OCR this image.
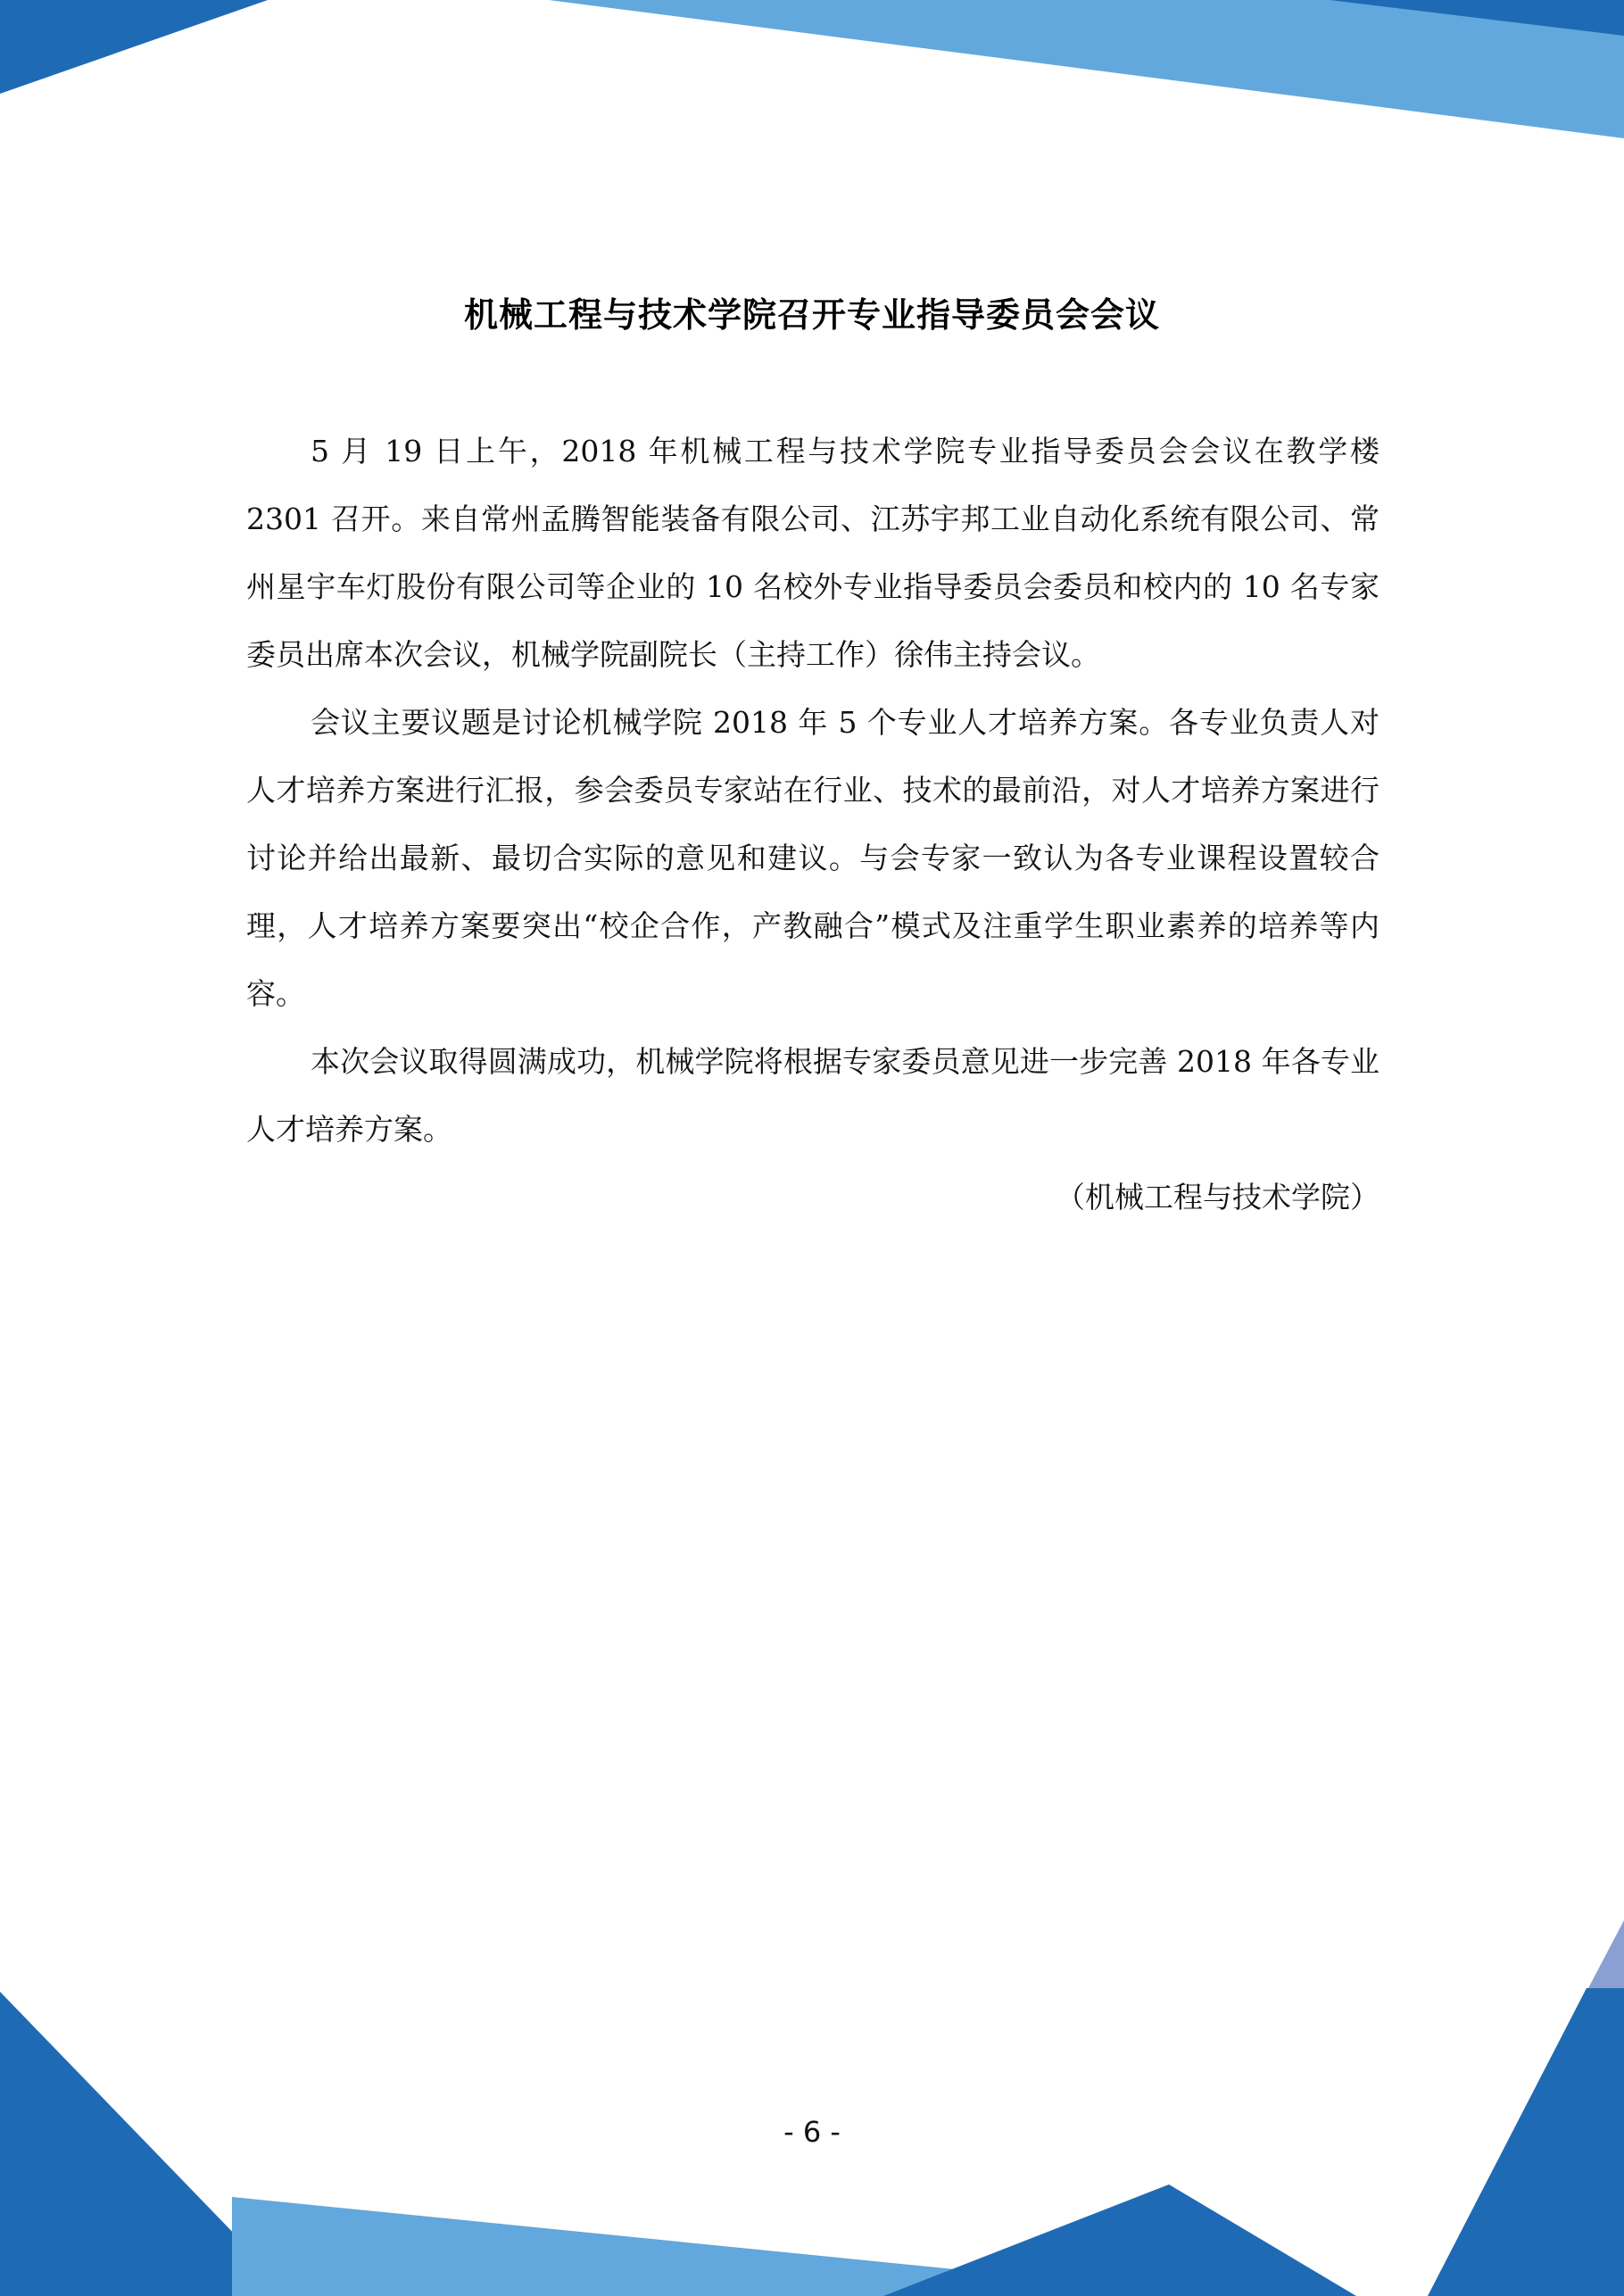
机械工程与技术学院召开专业指导委员会会议

5 月 19 日上午，2018 年机械工程与技术学院专业指导委员会会议在教学楼 2301 召开。来自常州孟腾智能装备有限公司、江苏宇邦工业自动化系统有限公司、常州星宇车灯股份有限公司等企业的 10 名校外专业指导委员会委员和校内的 10 名专家委员出席本次会议，机械学院副院长（主持工作）徐伟主持会议。

会议主要议题是讨论机械学院 2018 年 5 个专业人才培养方案。各专业负责人对人才培养方案进行汇报，参会委员专家站在行业、技术的最前沿，对人才培养方案进行讨论并给出最新、最切合实际的意见和建议。与会专家一致认为各专业课程设置较合理，人才培养方案要突出“校企合作，产教融合”模式及注重学生职业素养的培养等内容。

本次会议取得圆满成功，机械学院将根据专家委员意见进一步完善 2018 年各专业人才培养方案。

（机械工程与技术学院）

- 6 -
